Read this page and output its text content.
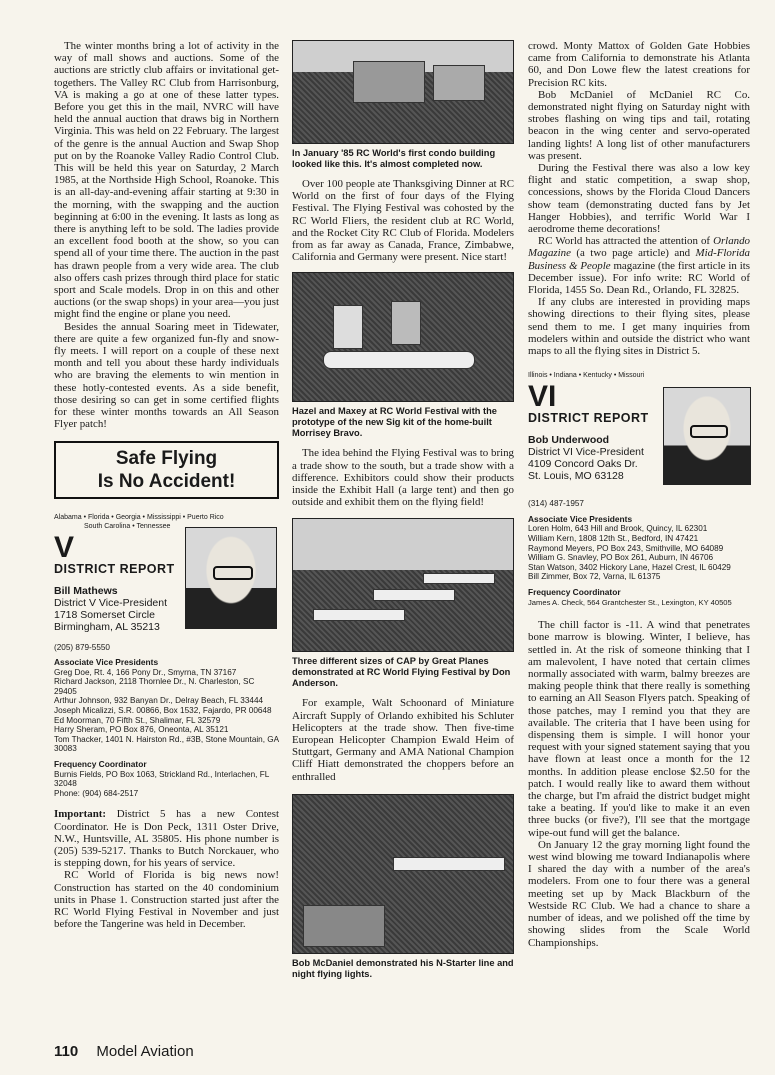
The winter months bring a lot of activity in the way of mall shows and auctions. Some of the auctions are strictly club affairs or invitational get-togethers. The Valley RC Club from Harrisonburg, VA is making a go at one of these latter types. Before you get this in the mail, NVRC will have held the annual auction that draws big in Northern Virginia. This was held on 22 February. The largest of the genre is the annual Auction and Swap Shop put on by the Roanoke Valley Radio Control Club. This will be held this year on Saturday, 2 March 1985, at the Northside High School, Roanoke. This is an all-day-and-evening affair starting at 9:30 in the morning, with the swapping and the auction beginning at 6:00 in the evening. It lasts as long as there is anything left to be sold. The ladies provide an excellent food booth at the show, so you can spend all of your time there. The auction in the past has drawn people from a very wide area. The club also offers cash prizes through third place for static sport and Scale models. Drop in on this and other auctions (or the swap shops) in your area—you just might find the engine or plane you need.

Besides the annual Soaring meet in Tidewater, there are quite a few organized fun-fly and snow-fly meets. I will report on a couple of these next month and tell you about these hardy individuals who are braving the elements to win mention in these hotly-contested events. As a side benefit, those desiring so can get in some certified flights for these winter months towards an All Season Flyer patch!

Safe Flying
Is No Accident!
Alabama • Florida • Georgia • Mississippi • Puerto Rico
South Carolina • Tennessee
V
DISTRICT REPORT
Bill Mathews
District V Vice-President
1718 Somerset Circle
Birmingham, AL 35213
(205) 879-5550
Associate Vice Presidents
Greg Doe, Rt. 4, 166 Pony Dr., Smyrna, TN 37167
Richard Jackson, 2118 Thornlee Dr., N. Charleston, SC 29405
Arthur Johnson, 932 Banyan Dr., Delray Beach, FL 33444
Joseph Micalizzi, S.R. 00866, Box 1532, Fajardo, PR 00648
Ed Moorman, 70 Fifth St., Shalimar, FL 32579
Harry Sheram, PO Box 876, Oneonta, AL 35121
Tom Thacker, 1401 N. Hairston Rd., #3B, Stone Mountain, GA 30083
Frequency Coordinator
Burnis Fields, PO Box 1063, Strickland Rd., Interlachen, FL 32048
Phone: (904) 684-2517

Important: District 5 has a new Contest Coordinator. He is Don Peck, 1311 Oster Drive, N.W., Huntsville, AL 35805. His phone number is (205) 539-5217. Thanks to Butch Norckauer, who is stepping down, for his years of service.

RC World of Florida is big news now! Construction has started on the 40 condominium units in Phase 1. Construction started just after the RC World Flying Festival in November and just before the Tangerine was held in December.

In January '85 RC World's first condo building looked like this. It's almost completed now.

Over 100 people ate Thanksgiving Dinner at RC World on the first of four days of the Flying Festival. The Flying Festival was cohosted by the RC World Fliers, the resident club at RC World, and the Rocket City RC Club of Florida. Modelers from as far away as Canada, France, Zimbabwe, California and Germany were present. Nice start!

Hazel and Maxey at RC World Festival with the prototype of the new Sig kit of the home-built Morrisey Bravo.

The idea behind the Flying Festival was to bring a trade show to the south, but a trade show with a difference. Exhibitors could show their products inside the Exhibit Hall (a large tent) and then go outside and exhibit them on the flying field!

Three different sizes of CAP by Great Planes demonstrated at RC World Flying Festival by Don Anderson.

For example, Walt Schoonard of Miniature Aircraft Supply of Orlando exhibited his Schluter Helicopters at the trade show. Then five-time European Helicopter Champion Ewald Heim of Stuttgart, Germany and AMA National Champion Cliff Hiatt demonstrated the choppers before an enthralled

Bob McDaniel demonstrated his N-Starter line and night flying lights.

crowd. Monty Mattox of Golden Gate Hobbies came from California to demonstrate his Atlanta 60, and Don Lowe flew the latest creations for Precision RC kits.

Bob McDaniel of McDaniel RC Co. demonstrated night flying on Saturday night with strobes flashing on wing tips and tail, rotating beacon in the wing center and servo-operated landing lights! A long list of other manufacturers was present.

During the Festival there was also a low key flight and static competition, a swap shop, concessions, shows by the Florida Cloud Dancers show team (demonstrating ducted fans by Jet Hanger Hobbies), and terrific World War I aerodrome theme decorations!

RC World has attracted the attention of Orlando Magazine (a two page article) and Mid-Florida Business & People magazine (the first article in its December issue). For info write: RC World of Florida, 1455 So. Dean Rd., Orlando, FL 32825.

If any clubs are interested in providing maps showing directions to their flying sites, please send them to me. I get many inquiries from modelers within and outside the district who want maps to all the flying sites in District 5.

Illinois • Indiana • Kentucky • Missouri
VI
DISTRICT REPORT
Bob Underwood
District VI Vice-President
4109 Concord Oaks Dr.
St. Louis, MO 63128
(314) 487-1957
Associate Vice Presidents
Loren Holm, 643 Hill and Brook, Quincy, IL 62301
William Kern, 1808 12th St., Bedford, IN 47421
Raymond Meyers, PO Box 243, Smithville, MO 64089
William G. Snavley, PO Box 261, Auburn, IN 46706
Stan Watson, 3402 Hickory Lane, Hazel Crest, IL 60429
Bill Zimmer, Box 72, Varna, IL 61375
Frequency Coordinator
James A. Check, 564 Grantchester St., Lexington, KY 40505

The chill factor is -11. A wind that penetrates bone marrow is blowing. Winter, I believe, has settled in. At the risk of someone thinking that I am malevolent, I have noted that certain climes normally associated with warm, balmy breezes are making people think that there really is something to earning an All Season Flyers patch. Speaking of those patches, may I remind you that they are available. The criteria that I have been using for dispensing them is simple. I will honor your request with your signed statement saying that you have flown at least once a month for the 12 months. In addition please enclose $2.50 for the patch. I would really like to award them without the charge, but I'm afraid the district budget might take a beating. If you'd like to make it an even three bucks (or five?), I'll see that the mortgage wipe-out fund will get the balance.

On January 12 the gray morning light found the west wind blowing me toward Indianapolis where I shared the day with a number of the area's modelers. From one to four there was a general meeting set up by Mack Blackburn of the Westside RC Club. We had a chance to share a number of ideas, and we polished off the time by showing slides from the Scale World Championships.

110 Model Aviation
